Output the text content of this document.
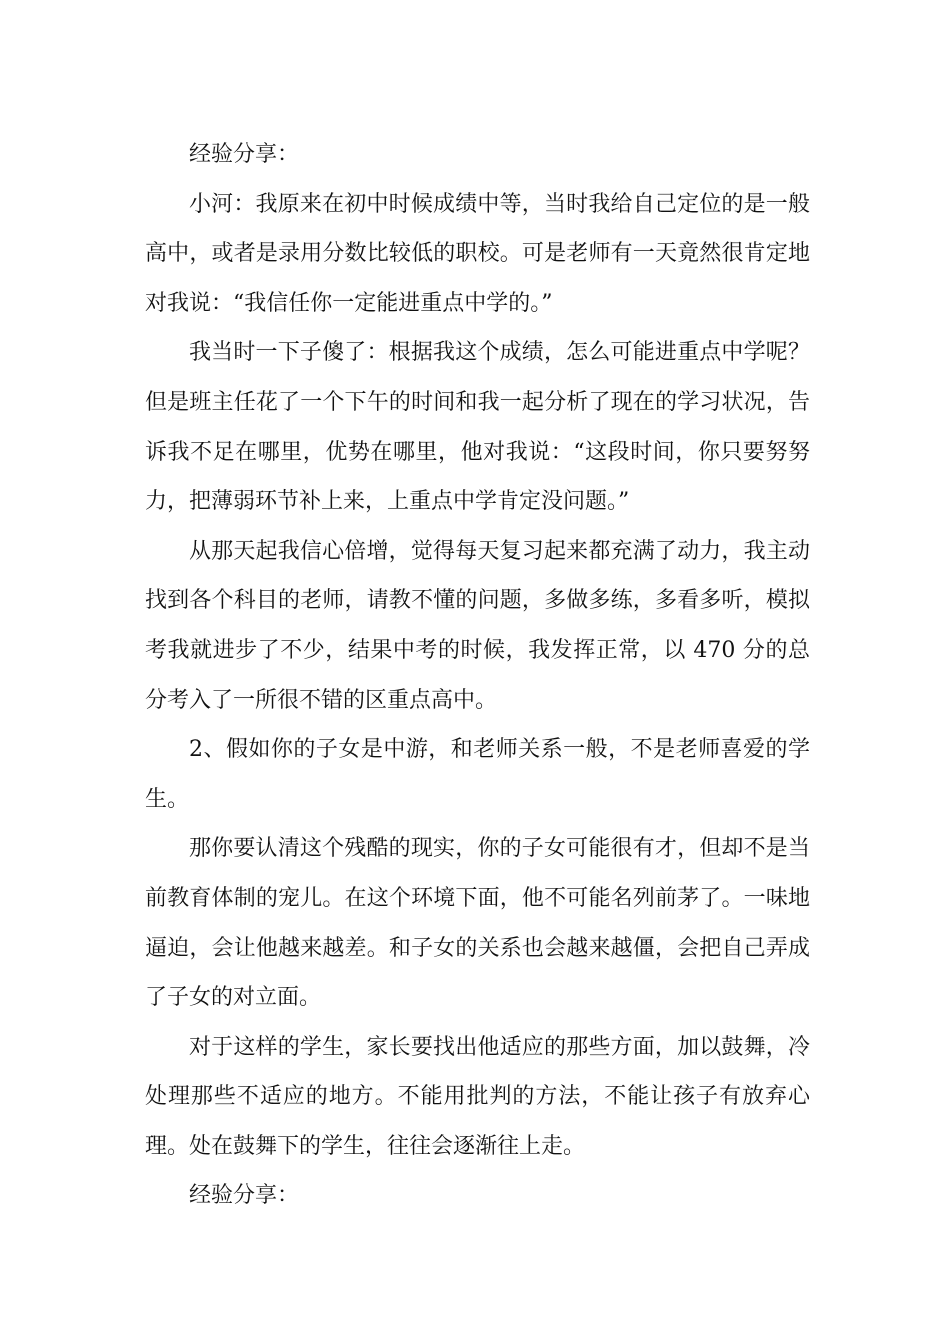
经验分享：

小河：我原来在初中时候成绩中等，当时我给自己定位的是一般高中，或者是录用分数比较低的职校。可是老师有一天竟然很肯定地对我说：“我信任你一定能进重点中学的。”

我当时一下子傻了：根据我这个成绩，怎么可能进重点中学呢？但是班主任花了一个下午的时间和我一起分析了现在的学习状况，告诉我不足在哪里，优势在哪里，他对我说：“这段时间，你只要努努力，把薄弱环节补上来，上重点中学肯定没问题。”

从那天起我信心倍增，觉得每天复习起来都充满了动力，我主动找到各个科目的老师，请教不懂的问题，多做多练，多看多听，模拟考我就进步了不少，结果中考的时候，我发挥正常，以 470 分的总分考入了一所很不错的区重点高中。

2、假如你的子女是中游，和老师关系一般，不是老师喜爱的学生。

那你要认清这个残酷的现实，你的子女可能很有才，但却不是当前教育体制的宠儿。在这个环境下面，他不可能名列前茅了。一味地逼迫，会让他越来越差。和子女的关系也会越来越僵，会把自己弄成了子女的对立面。

对于这样的学生，家长要找出他适应的那些方面，加以鼓舞，冷处理那些不适应的地方。不能用批判的方法，不能让孩子有放弃心理。处在鼓舞下的学生，往往会逐渐往上走。

经验分享：
